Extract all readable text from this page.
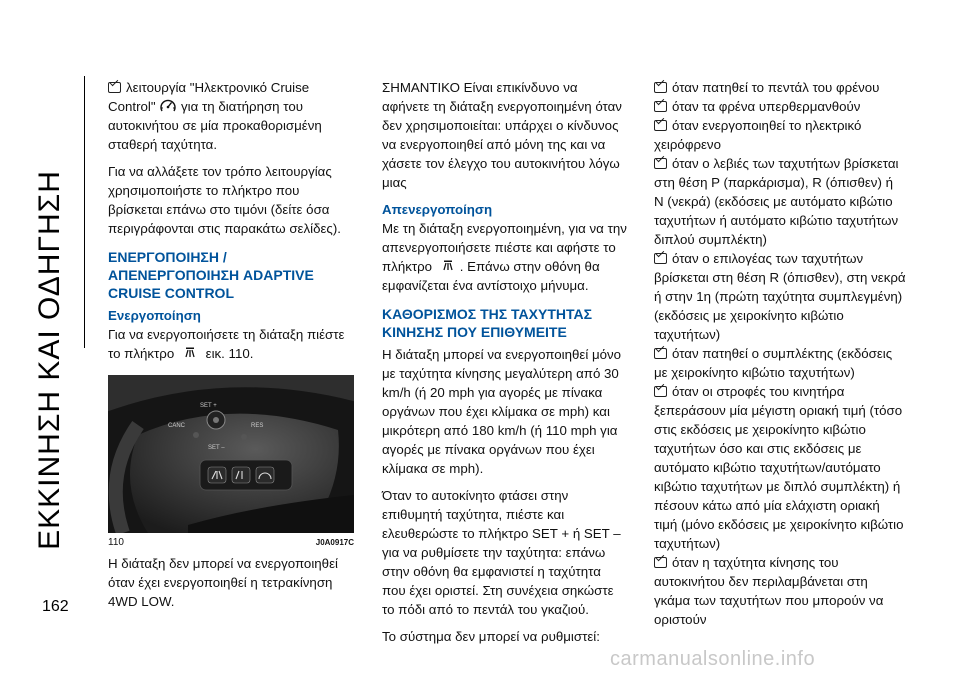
ΕΚΚΙΝΗΣΗ ΚΑΙ ΟΔΗΓΗΣΗ
162

λειτουργία "Ηλεκτρονικό Cruise Control" για τη διατήρηση του αυτοκινήτου σε μία προκαθορισμένη σταθερή ταχύτητα.

Για να αλλάξετε τον τρόπο λειτουργίας χρησιμοποιήστε το πλήκτρο που βρίσκεται επάνω στο τιμόνι (δείτε όσα περιγράφονται στις παρακάτω σελίδες).

ΕΝΕΡΓΟΠΟΙΗΣΗ / ΑΠΕΝΕΡΓΟΠΟΙΗΣΗ ADAPTIVE CRUISE CONTROL
Ενεργοποίηση

Για να ενεργοποιήσετε τη διάταξη πιέστε το πλήκτρο εικ. 110.

CANC	RES
SET +
SET –
110	J0A0917C

Η διάταξη δεν μπορεί να ενεργοποιηθεί όταν έχει ενεργοποιηθεί η τετρακίνηση 4WD LOW.

ΣΗΜΑΝΤΙΚΟ Είναι επικίνδυνο να αφήνετε τη διάταξη ενεργοποιημένη όταν δεν χρησιμοποιείται: υπάρχει ο κίνδυνος να ενεργοποιηθεί από μόνη της και να χάσετε τον έλεγχο του αυτοκινήτου λόγω μιας

Απενεργοποίηση

Με τη διάταξη ενεργοποιημένη, για να την απενεργοποιήσετε πιέστε και αφήστε το πλήκτρο . Επάνω στην οθόνη θα εμφανίζεται ένα αντίστοιχο μήνυμα.

ΚΑΘΟΡΙΣΜΟΣ ΤΗΣ ΤΑΧΥΤΗΤΑΣ ΚΙΝΗΣΗΣ ΠΟΥ ΕΠΙΘΥΜΕΙΤΕ

Η διάταξη μπορεί να ενεργοποιηθεί μόνο με ταχύτητα κίνησης μεγαλύτερη από 30 km/h (ή 20 mph για αγορές με πίνακα οργάνων που έχει κλίμακα σε mph) και μικρότερη από 180 km/h (ή 110 mph για αγορές με πίνακα οργάνων που έχει κλίμακα σε mph).

Όταν το αυτοκίνητο φτάσει στην επιθυμητή ταχύτητα, πιέστε και ελευθερώστε το πλήκτρο SET + ή SET – για να ρυθμίσετε την ταχύτητα: επάνω στην οθόνη θα εμφανιστεί η ταχύτητα που έχει οριστεί. Στη συνέχεια σηκώστε το πόδι από το πεντάλ του γκαζιού.

Το σύστημα δεν μπορεί να ρυθμιστεί:

όταν πατηθεί το πεντάλ του φρένου
όταν τα φρένα υπερθερμανθούν
όταν ενεργοποιηθεί το ηλεκτρικό χειρόφρενο
όταν ο λεβιές των ταχυτήτων βρίσκεται στη θέση P (παρκάρισμα), R (όπισθεν) ή N (νεκρά) (εκδόσεις με αυτόματο κιβώτιο ταχυτήτων ή αυτόματο κιβώτιο ταχυτήτων διπλού συμπλέκτη)
όταν ο επιλογέας των ταχυτήτων βρίσκεται στη θέση R (όπισθεν), στη νεκρά ή στην 1η (πρώτη ταχύτητα συμπλεγμένη) (εκδόσεις με χειροκίνητο κιβώτιο ταχυτήτων)
όταν πατηθεί ο συμπλέκτης (εκδόσεις με χειροκίνητο κιβώτιο ταχυτήτων)
όταν οι στροφές του κινητήρα ξεπεράσουν μία μέγιστη οριακή τιμή (τόσο στις εκδόσεις με χειροκίνητο κιβώτιο ταχυτήτων όσο και στις εκδόσεις με αυτόματο κιβώτιο ταχυτήτων/αυτόματο κιβώτιο ταχυτήτων με διπλό συμπλέκτη) ή πέσουν κάτω από μία ελάχιστη οριακή τιμή (μόνο εκδόσεις με χειροκίνητο κιβώτιο ταχυτήτων)
όταν η ταχύτητα κίνησης του αυτοκινήτου δεν περιλαμβάνεται στη γκάμα των ταχυτήτων που μπορούν να οριστούν
carmanualsonline.info
